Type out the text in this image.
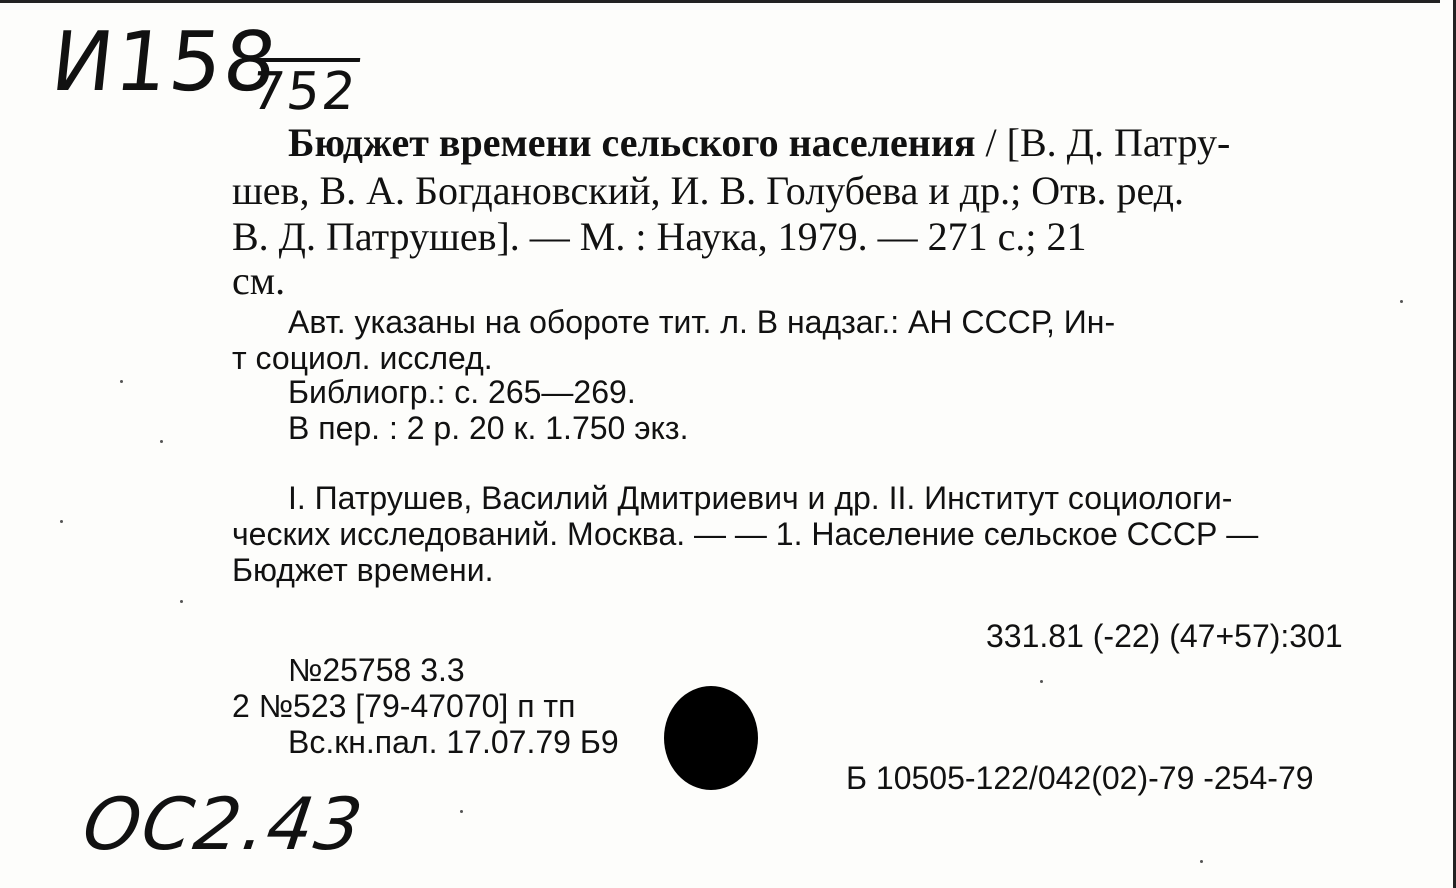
И158
752
Бюджет времени сельского населения / [В. Д. Патру-
шев, В. А. Богдановский, И. В. Голубева и др.; Отв. ред.
В. Д. Патрушев]. — М. : Наука, 1979. — 271 с.; 21
см.
Авт. указаны на обороте тит. л. В надзаг.: АН СССР, Ин-
т социол. исслед.
Библиогр.: с. 265—269.
В пер. : 2 р. 20 к. 1.750 экз.
I. Патрушев, Василий Дмитриевич и др. II. Институт социологи-
ческих исследований. Москва. — — 1. Население сельское СССР —
Бюджет времени.
331.81 (-22) (47+57):301
№25758 3.3
2 №523 [79-47070] п тп
Вс.кн.пал. 17.07.79 Б9
Б 10505-122/042(02)-79 -254-79
ОС2.43
